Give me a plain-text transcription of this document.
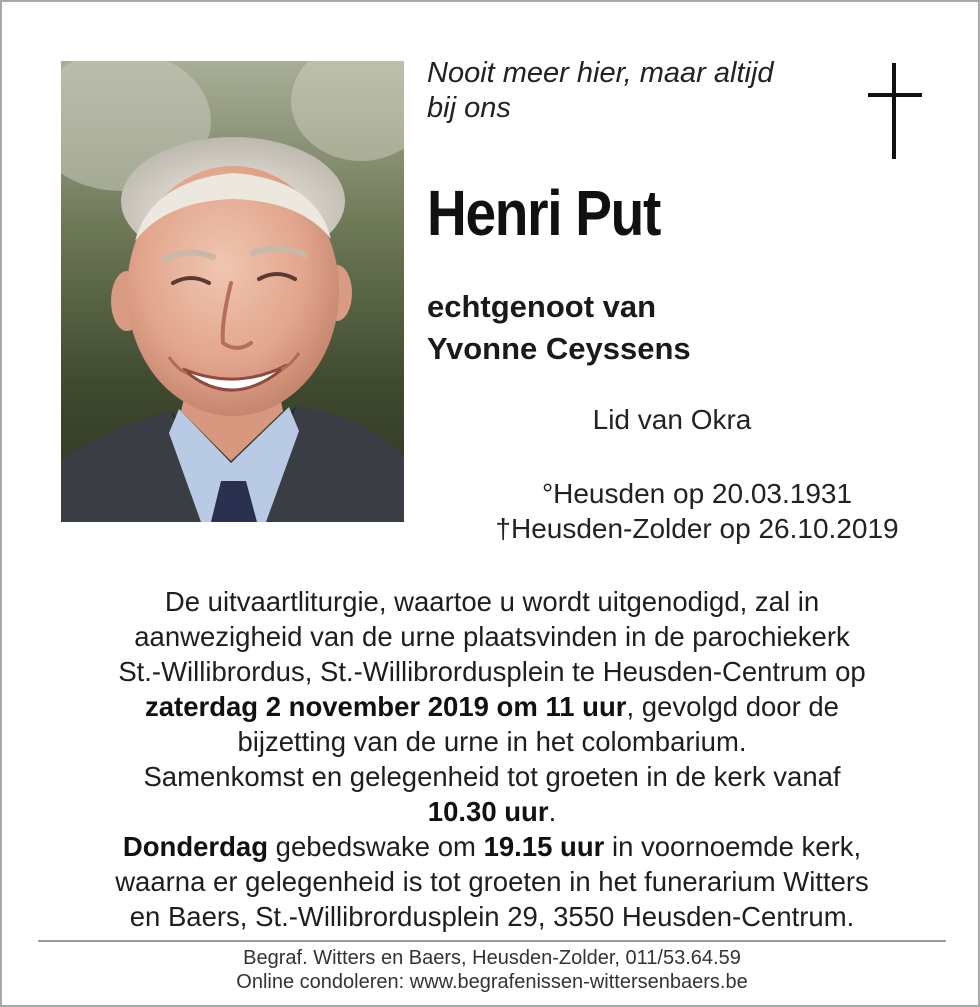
Nooit meer hier, maar altijd
bij ons
Henri Put
echtgenoot van
Yvonne Ceyssens
Lid van Okra
°Heusden op 20.03.1931
†Heusden-Zolder op 26.10.2019
De uitvaartliturgie, waartoe u wordt uitgenodigd, zal in
aanwezigheid van de urne plaatsvinden in de parochiekerk
St.-Willibrordus, St.-Willibrordusplein te Heusden-Centrum op
zaterdag 2 november 2019 om 11 uur, gevolgd door de
bijzetting van de urne in het colombarium.
Samenkomst en gelegenheid tot groeten in de kerk vanaf
10.30 uur.
Donderdag gebedswake om 19.15 uur in voornoemde kerk,
waarna er gelegenheid is tot groeten in het funerarium Witters
en Baers, St.-Willibrordusplein 29, 3550 Heusden-Centrum.
Begraf. Witters en Baers, Heusden-Zolder, 011/53.64.59
Online condoleren: www.begrafenissen-wittersenbaers.be
